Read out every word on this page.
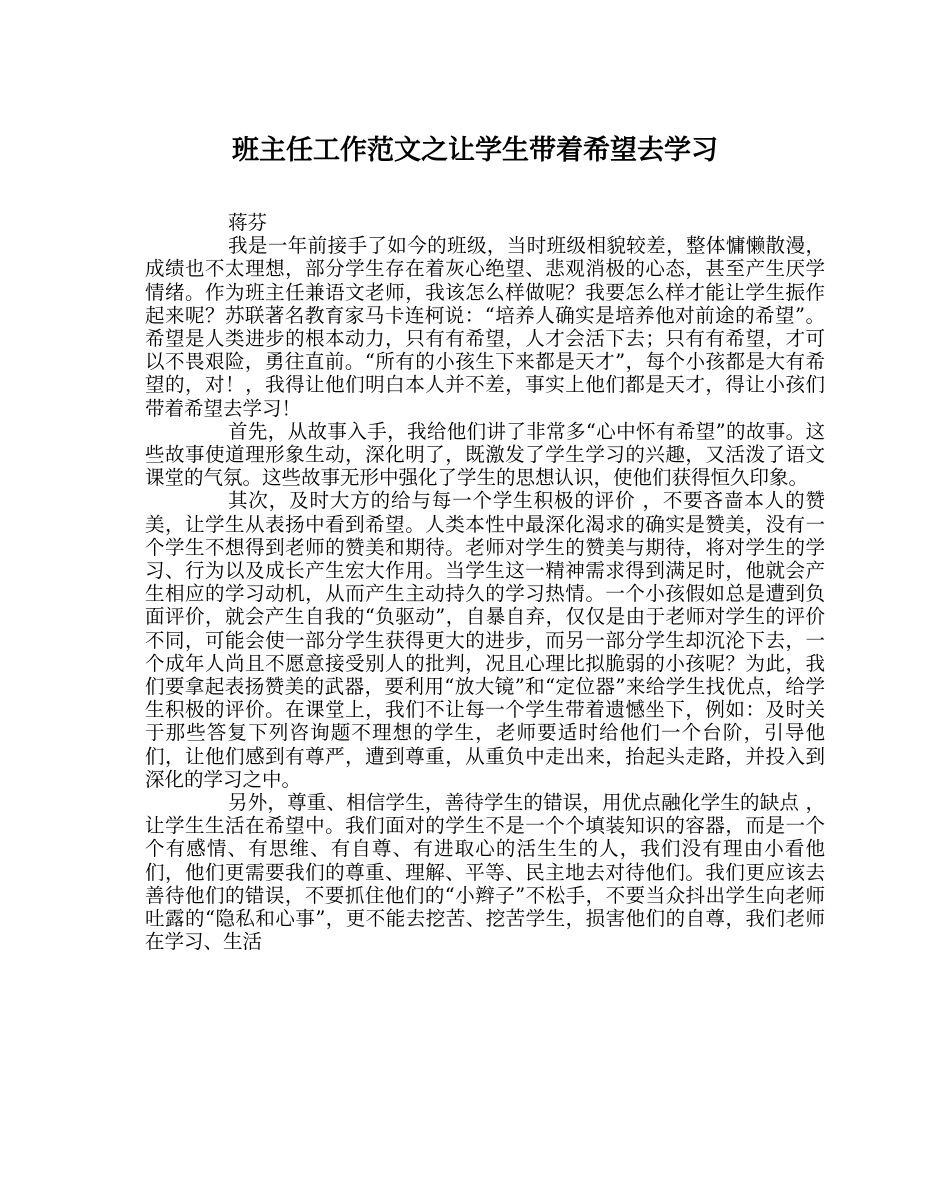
班主任工作范文之让学生带着希望去学习

蒋芬

我是一年前接手了如今的班级，当时班级相貌较差，整体慵懒散漫，成绩也不太理想，部分学生存在着灰心绝望、悲观消极的心态，甚至产生厌学情绪。作为班主任兼语文老师，我该怎么样做呢？我要怎么样才能让学生振作起来呢？苏联著名教育家马卡连柯说：“培养人确实是培养他对前途的希望”。 希望是人类进步的根本动力，只有有希望，人才会活下去；只有有希望，才可以不畏艰险，勇往直前。“所有的小孩生下来都是天才”，每个小孩都是大有希望的，对！，我得让他们明白本人并不差，事实上他们都是天才，得让小孩们带着希望去学习！

首先，从故事入手，我给他们讲了非常多“心中怀有希望”的故事。这些故事使道理形象生动，深化明了，既激发了学生学习的兴趣，又活泼了语文课堂的气氛。这些故事无形中强化了学生的思想认识，使他们获得恒久印象。

其次，及时大方的给与每一个学生积极的评价 ，不要吝啬本人的赞美，让学生从表扬中看到希望。人类本性中最深化渴求的确实是赞美，没有一个学生不想得到老师的赞美和期待。老师对学生的赞美与期待，将对学生的学习、行为以及成长产生宏大作用。当学生这一精神需求得到满足时，他就会产生相应的学习动机，从而产生主动持久的学习热情。一个小孩假如总是遭到负面评价，就会产生自我的“负驱动”，自暴自弃，仅仅是由于老师对学生的评价不同，可能会使一部分学生获得更大的进步，而另一部分学生却沉沦下去，一个成年人尚且不愿意接受别人的批判，况且心理比拟脆弱的小孩呢？为此，我们要拿起表扬赞美的武器，要利用“放大镜”和“定位器”来给学生找优点，给学生积极的评价。在课堂上，我们不让每一个学生带着遗憾坐下，例如：及时关于那些答复下列咨询题不理想的学生，老师要适时给他们一个台阶，引导他们，让他们感到有尊严，遭到尊重，从重负中走出来，抬起头走路，并投入到深化的学习之中。

另外，尊重、相信学生，善待学生的错误，用优点融化学生的缺点 ，让学生生活在希望中。我们面对的学生不是一个个填装知识的容器，而是一个个有感情、有思维、有自尊、有进取心的活生生的人，我们没有理由小看他们，他们更需要我们的尊重、理解、平等、民主地去对待他们。我们更应该去善待他们的错误，不要抓住他们的“小辫子”不松手，不要当众抖出学生向老师吐露的“隐私和心事”，更不能去挖苦、挖苦学生，损害他们的自尊，我们老师在学习、生活
